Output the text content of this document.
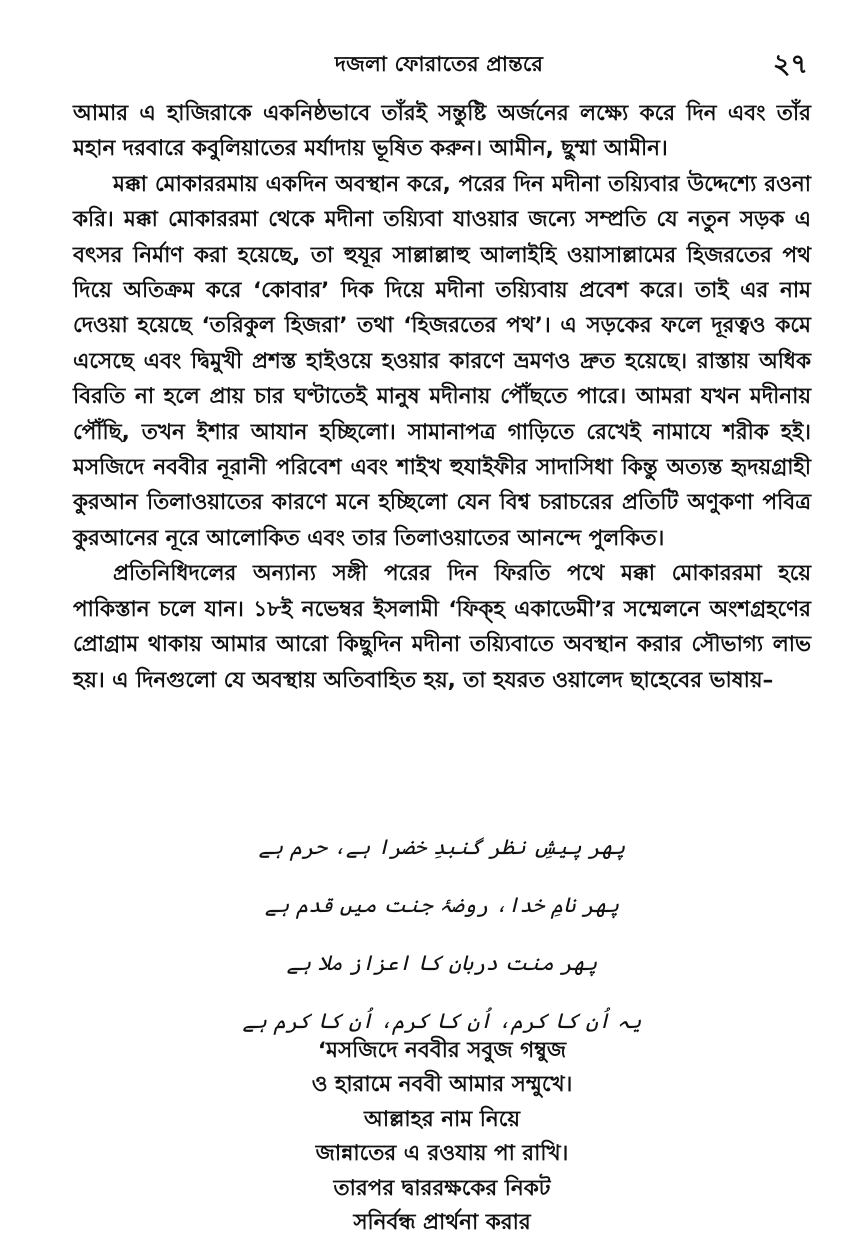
দজলা ফোরাতের প্রান্তরে	২৭

আমার এ হাজিরাকে একনিষ্ঠভাবে তাঁরই সন্তুষ্টি অর্জনের লক্ষ্যে করে দিন এবং তাঁর মহান দরবারে কবুলিয়াতের মর্যাদায় ভূষিত করুন। আমীন, ছুম্মা আমীন।

মক্কা মোকাররমায় একদিন অবস্থান করে, পরের দিন মদীনা তয়্যিবার উদ্দেশ্যে রওনা করি। মক্কা মোকাররমা থেকে মদীনা তয়্যিবা যাওয়ার জন্যে সম্প্রতি যে নতুন সড়ক এ বৎসর নির্মাণ করা হয়েছে, তা হুযূর সাল্লাল্লাহু আলাইহি ওয়াসাল্লামের হিজরতের পথ দিয়ে অতিক্রম করে ‘কোবার’ দিক দিয়ে মদীনা তয়্যিবায় প্রবেশ করে। তাই এর নাম দেওয়া হয়েছে ‘তরিকুল হিজরা’ তথা ‘হিজরতের পথ’। এ সড়কের ফলে দূরত্বও কমে এসেছে এবং দ্বিমুখী প্রশস্ত হাইওয়ে হওয়ার কারণে ভ্রমণও দ্রুত হয়েছে। রাস্তায় অধিক বিরতি না হলে প্রায় চার ঘণ্টাতেই মানুষ মদীনায় পৌঁছতে পারে। আমরা যখন মদীনায় পৌঁছি, তখন ইশার আযান হচ্ছিলো। সামানাপত্র গাড়িতে রেখেই নামাযে শরীক হই। মসজিদে নববীর নূরানী পরিবেশ এবং শাইখ হুযাইফীর সাদাসিধা কিন্তু অত্যন্ত হৃদয়গ্রাহী কুরআন তিলাওয়াতের কারণে মনে হচ্ছিলো যেন বিশ্ব চরাচরের প্রতিটি অণুকণা পবিত্র কুরআনের নূরে আলোকিত এবং তার তিলাওয়াতের আনন্দে পুলকিত।

প্রতিনিধিদলের অন্যান্য সঙ্গী পরের দিন ফিরতি পথে মক্কা মোকাররমা হয়ে পাকিস্তান চলে যান। ১৮ই নভেম্বর ইসলামী ‘ফিক্‌হ একাডেমী’র সম্মেলনে অংশগ্রহণের প্রোগ্রাম থাকায় আমার আরো কিছুদিন মদীনা তয়্যিবাতে অবস্থান করার সৌভাগ্য লাভ হয়। এ দিনগুলো যে অবস্থায় অতিবাহিত হয়, তা হযরত ওয়ালেদ ছাহেবের ভাষায়–

پھر پیشِ نظر گنبدِ خضرا ہے، حرم ہے

پھر نامِ خدا، روضۂ جنت میں قدم ہے

پھر منت دربان کا اعزاز ملا ہے

یہ اُن کا کرم، اُن کا کرم، اُن کا کرم ہے

‘মসজিদে নববীর সবুজ গম্বুজ

ও হারামে নববী আমার সম্মুখে।

আল্লাহর নাম নিয়ে

জান্নাতের এ রওযায় পা রাখি।

তারপর দ্বাররক্ষকের নিকট

সনির্বন্ধ প্রার্থনা করার
